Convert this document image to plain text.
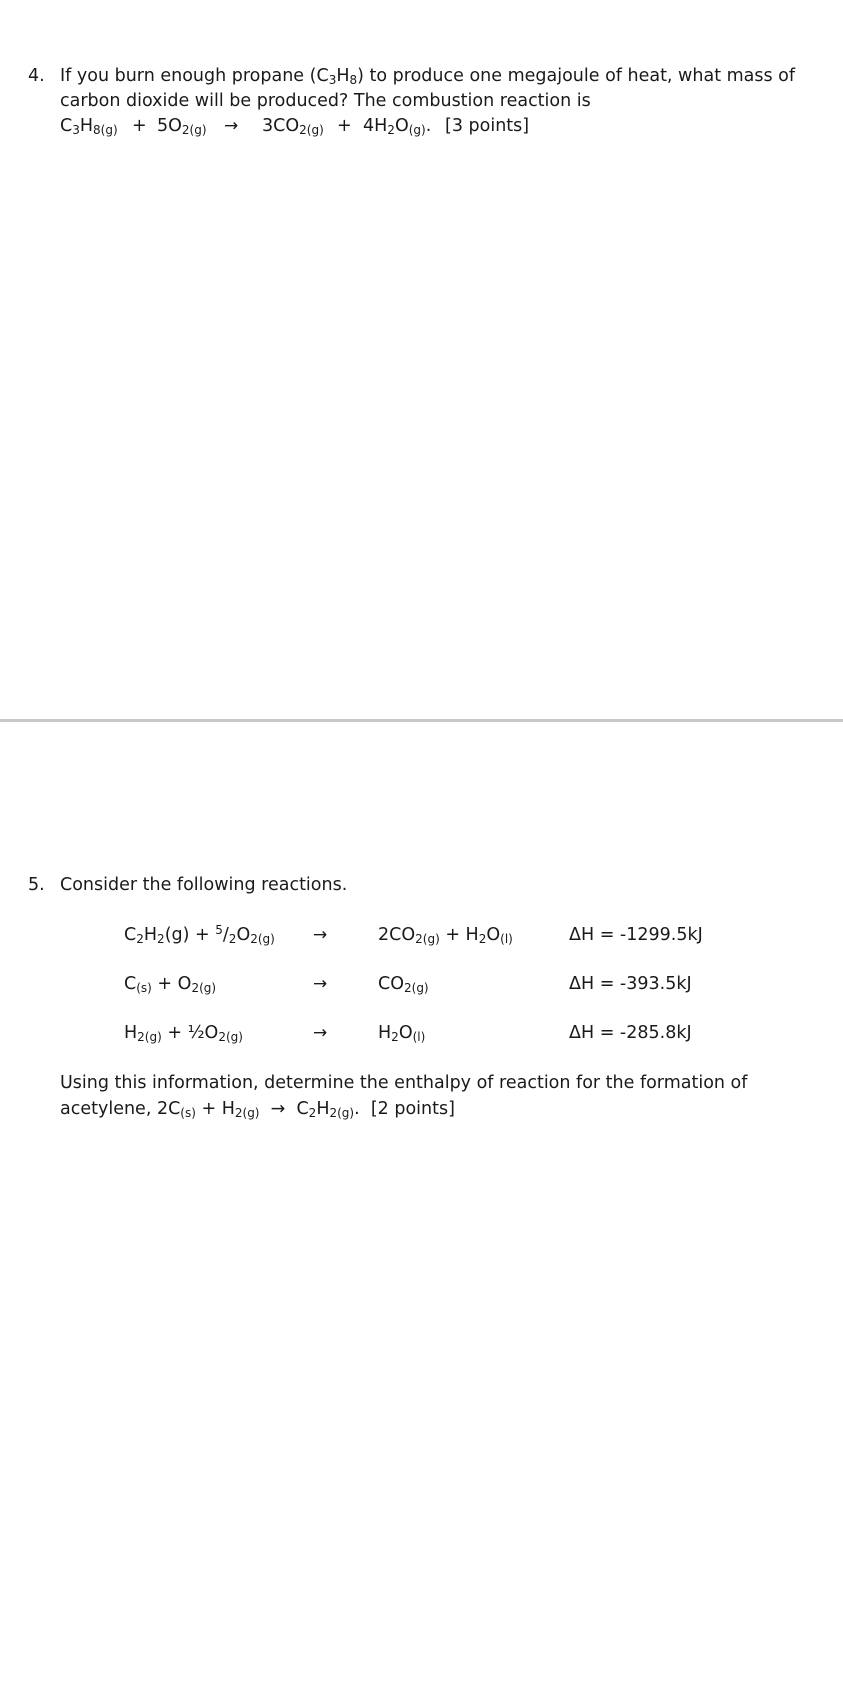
4. If you burn enough propane (C3H8) to produce one megajoule of heat, what mass of
carbon dioxide will be produced? The combustion reaction is
C3H8(g) + 5O2(g) → 3CO2(g) + 4H2O(g). [3 points]
5. Consider the following reactions.
C2H2(g) + $^5$/2O2(g) →	2CO2(g) + H2O(l)	ΔH = -1299.5kJ
C(s) + O2(g)	→	CO2(g)	ΔH = -393.5kJ
H2(g) + ½O2(g)	→	H2O(l)	ΔH = -285.8kJ
Using this information, determine the enthalpy of reaction for the formation of
acetylene, 2C(s) + H2(g) →  C2H2(g).  [2 points]
